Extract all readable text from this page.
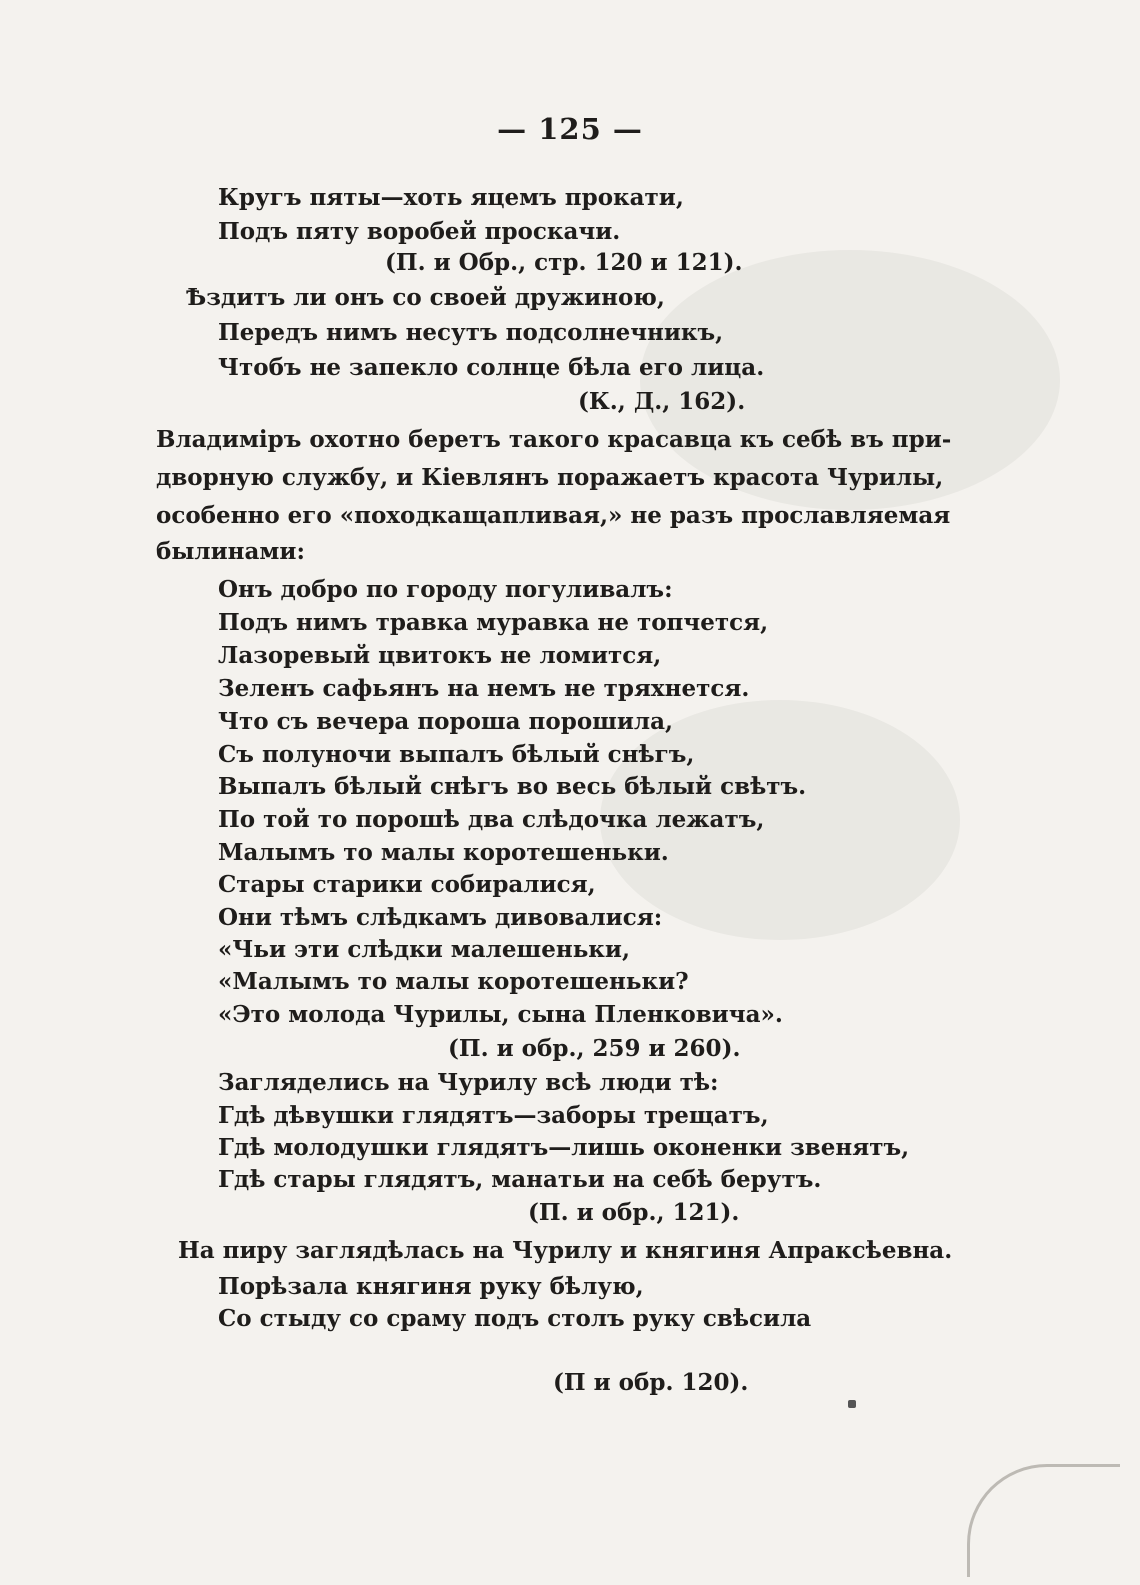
— 125 —
Кругъ пяты—хоть яцемъ прокати,
Подъ пяту воробей проскачи.
(П. и Обр., стр. 120 и 121).
Ѣздитъ ли онъ со своей дружиною,
Передъ нимъ несутъ подсолнечникъ,
Чтобъ не запекло солнце бѣла его лица.
(К., Д., 162).
Владиміръ охотно беретъ такого красавца къ себѣ въ при-
дворную службу, и Кіевлянъ поражаетъ красота Чурилы,
особенно его «походкащапливая,» не разъ прославляемая
былинами:
Онъ добро по городу погуливалъ:
Подъ нимъ травка муравка не топчется,
Лазоревый цвитокъ не ломится,
Зеленъ сафьянъ на немъ не тряхнется.
Что съ вечера пороша порошила,
Съ полуночи выпалъ бѣлый снѣгъ,
Выпалъ бѣлый снѣгъ во весь бѣлый свѣтъ.
По той то порошѣ два слѣдочка лежатъ,
Малымъ то малы коротешеньки.
Стары старики собиралися,
Они тѣмъ слѣдкамъ дивовалися:
«Чьи эти слѣдки малешеньки,
«Малымъ то малы коротешеньки?
«Это молода Чурилы, сына Пленковича».
(П. и обр., 259 и 260).
Загляделись на Чурилу всѣ люди тѣ:
Гдѣ дѣвушки глядятъ—заборы трещатъ,
Гдѣ молодушки глядятъ—лишь оконенки звенятъ,
Гдѣ стары глядятъ, манатьи на себѣ берутъ.
(П. и обр., 121).
На пиру заглядѣлась на Чурилу и княгиня Апраксѣевна.
Порѣзала княгиня руку бѣлую,
Со стыду со сраму подъ столъ руку свѣсила
(П и обр. 120).
